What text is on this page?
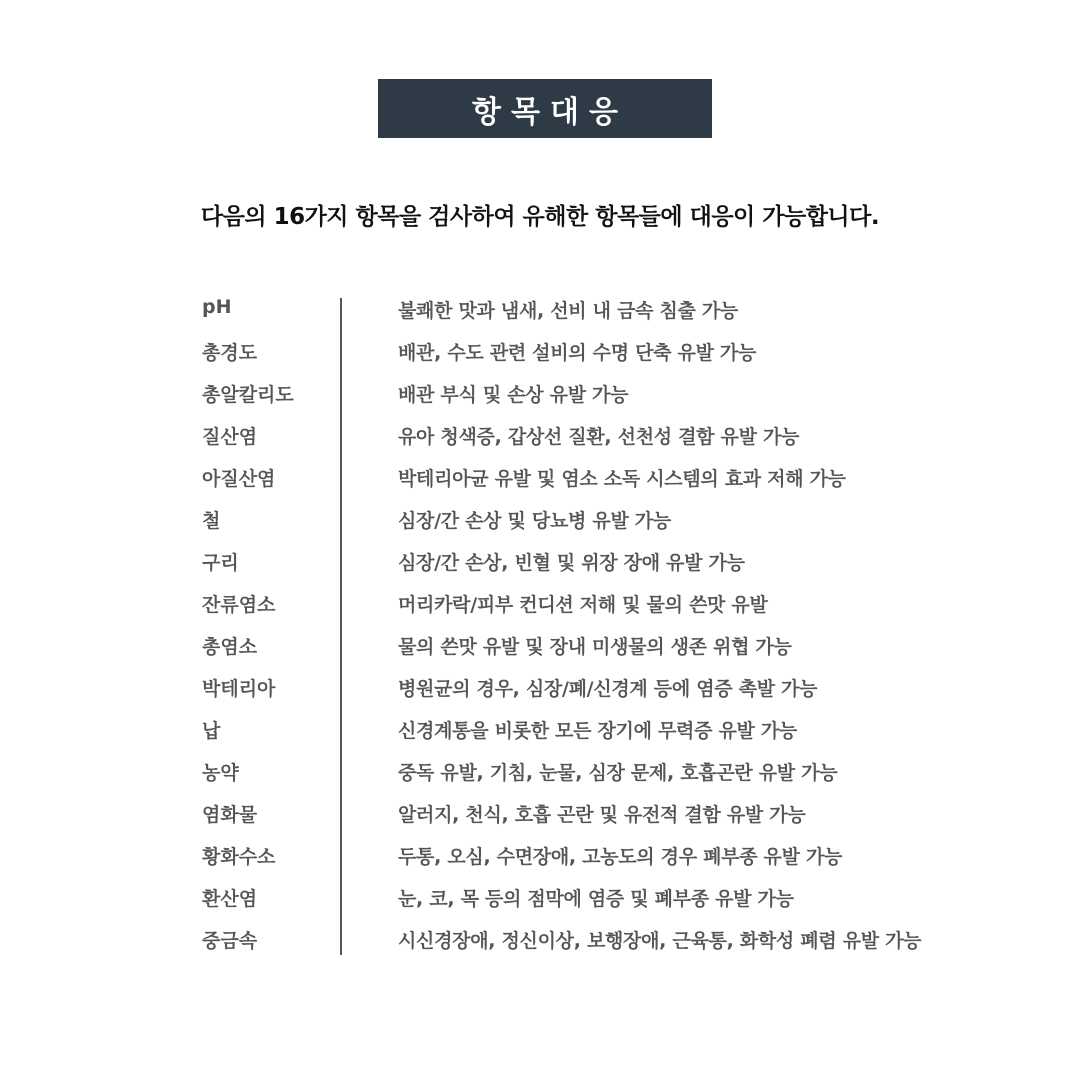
항목대응
다음의 16가지 항목을 검사하여 유해한 항목들에 대응이 가능합니다.
pH	불쾌한 맛과 냄새, 선비 내 금속 침출 가능
총경도	배관, 수도 관련 설비의 수명 단축 유발 가능
총알칼리도	배관 부식 및 손상 유발 가능
질산염	유아 청색증, 갑상선 질환, 선천성 결함 유발 가능
아질산염	박테리아균 유발 및 염소 소독 시스템의 효과 저해 가능
철	심장/간 손상 및 당뇨병 유발 가능
구리	심장/간 손상, 빈혈 및 위장 장애 유발 가능
잔류염소	머리카락/피부 컨디션 저해 및 물의 쓴맛 유발
총염소	물의 쓴맛 유발 및 장내 미생물의 생존 위협 가능
박테리아	병원균의 경우, 심장/폐/신경계 등에 염증 촉발 가능
납	신경계통을 비롯한 모든 장기에 무력증 유발 가능
농약	중독 유발, 기침, 눈물, 심장 문제, 호흡곤란 유발 가능
염화물	알러지, 천식, 호흡 곤란 및 유전적 결함 유발 가능
황화수소	두통, 오심, 수면장애, 고농도의 경우 폐부종 유발 가능
환산염	눈, 코, 목 등의 점막에 염증 및 폐부종 유발 가능
중금속	시신경장애, 정신이상, 보행장애, 근육통, 화학성 폐렴 유발 가능
